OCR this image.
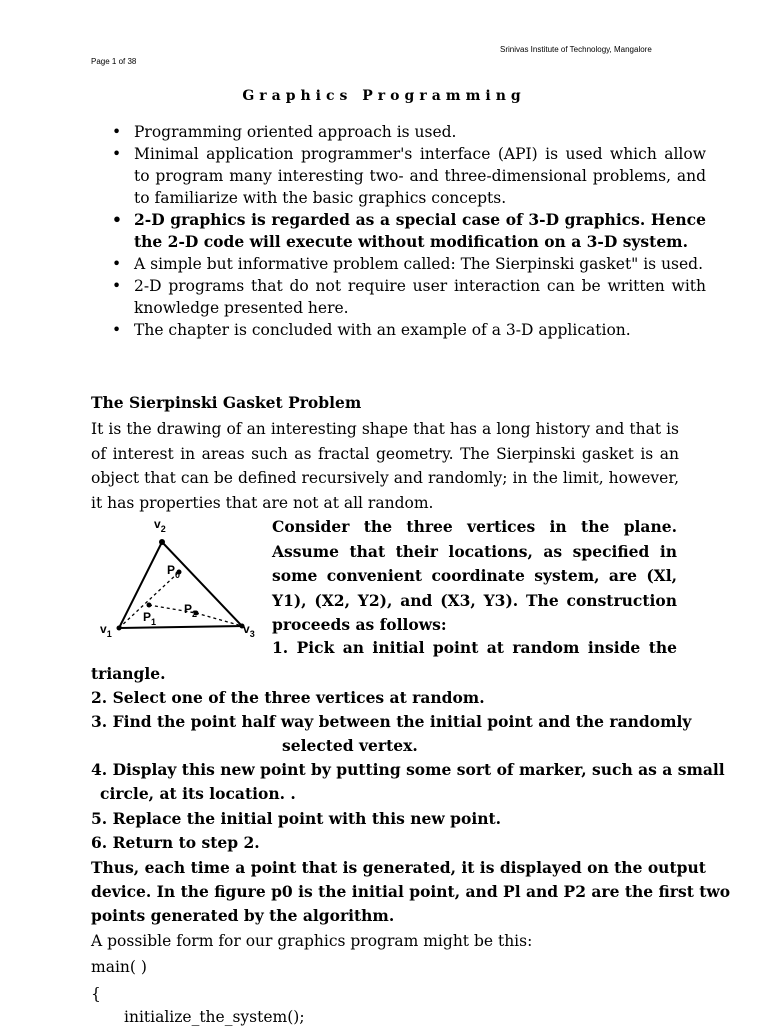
Page 1 of 38
Srinivas Institute of Technology, Mangalore
Graphics Programming
• Programming oriented approach is used.
• Minimal application programmer's interface (API) is used which allow to program many interesting two- and three-dimensional problems, and to familiarize with the basic graphics concepts.
• 2-D graphics is regarded as a special case of 3-D graphics. Hence the 2-D code will execute without modification on a 3-D system.
• A simple but informative problem called: The Sierpinski gasket" is used.
• 2-D programs that do not require user interaction can be written with knowledge presented here.
• The chapter is concluded with an example of a 3-D application.
The Sierpinski Gasket Problem
It is the drawing of an interesting shape that has a long history and that is of interest in areas such as fractal geometry. The Sierpinski gasket is an object that can be defined recursively and randomly; in the limit, however, it has properties that are not at all random.
$v_2$
$v_1$	$v_3$
$P_0$
$P_1$
$P_2$
Consider the three vertices in the plane. Assume that their locations, as specified in some convenient coordinate system, are (Xl, Y1), (X2, Y2), and (X3, Y3). The construction proceeds as follows:
1. Pick an initial point at random inside the
triangle.
2. Select one of the three vertices at random.
3. Find the point half way between the initial point and the randomly
selected vertex.
4. Display this new point by putting some sort of marker, such as a small
circle, at its location. .
5. Replace the initial point with this new point.
6. Return to step 2.
Thus, each time a point that is generated, it is displayed on the output
device. In the figure p0 is the initial point, and Pl and P2 are the first two
points generated by the algorithm.
A possible form for our graphics program might be this:
main( )
{
initialize_the_system();
